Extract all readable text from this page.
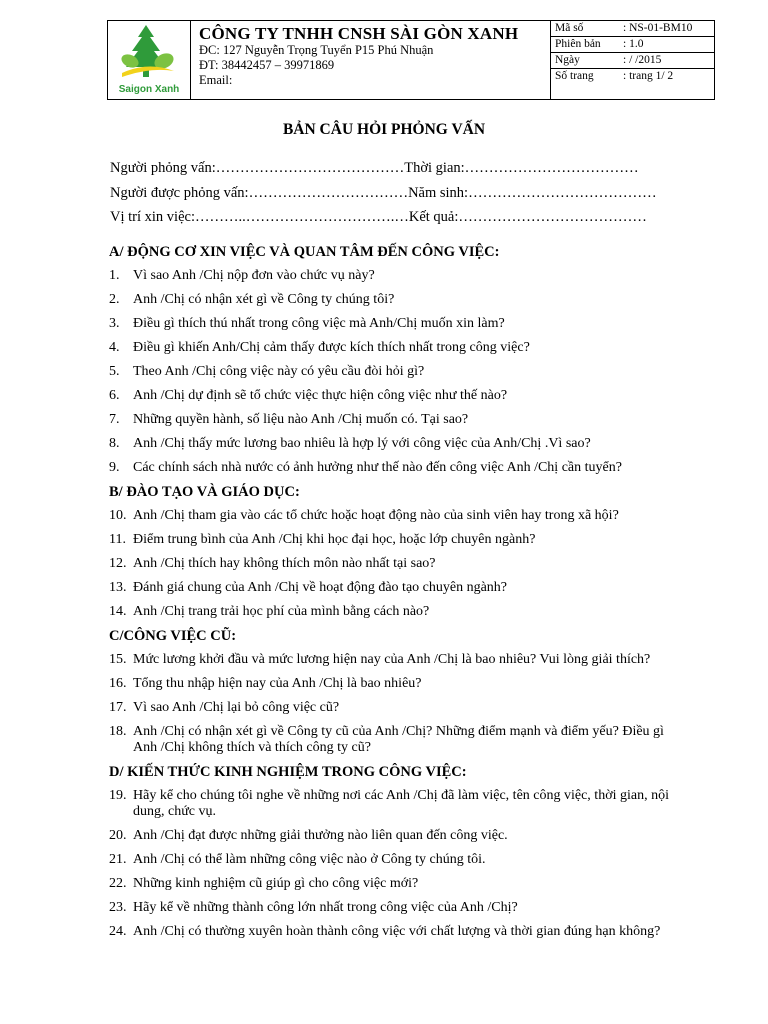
Saigon Xanh
CÔNG TY TNHH CNSH SÀI GÒN XANH
ĐC: 127 Nguyễn Trọng Tuyển P15 Phú Nhuận
ĐT: 38442457 – 39971869
Email:
Mã số	: NS-01-BM10
Phiên bản	: 1.0
Ngày	: / /2015
Số trang	: trang 1/ 2
BẢN CÂU HỎI PHỎNG VẤN
Người phỏng vấn:…………………………………Thời gian:………………………………
Người được phỏng vấn:……………………………Năm sinh:…………………………………
Vị trí xin việc:………..………………………….…Kết quả:…………………………………
A/ ĐỘNG CƠ XIN VIỆC VÀ QUAN TÂM ĐẾN CÔNG VIỆC:
1. Vì sao Anh /Chị nộp đơn vào chức vụ này?
2. Anh /Chị có nhận xét gì về Công ty chúng tôi?
3. Điều gì thích thú nhất trong công việc mà Anh/Chị muốn xin làm?
4. Điều gì khiến Anh/Chị cảm thấy được kích thích nhất trong công việc?
5. Theo Anh /Chị công việc này có yêu cầu đòi hỏi gì?
6. Anh /Chị dự định sẽ tổ chức việc thực hiện công việc như thế nào?
7. Những quyền hành, số liệu nào Anh /Chị muốn có. Tại sao?
8. Anh /Chị thấy mức lương bao nhiêu là hợp lý với công việc của Anh/Chị .Vì sao?
9. Các chính sách nhà nước có ảnh hưởng như thế nào đến công việc Anh /Chị cần tuyển?
B/ ĐÀO TẠO VÀ GIÁO DỤC:
10. Anh /Chị tham gia vào các tổ chức hoặc hoạt động nào của sinh viên hay trong xã hội?
11. Điểm trung bình của Anh /Chị khi học đại học, hoặc lớp chuyên ngành?
12. Anh /Chị thích hay không thích môn nào nhất tại sao?
13. Đánh giá chung của Anh /Chị về hoạt động đào tạo chuyên ngành?
14. Anh /Chị trang trải học phí của mình bằng cách nào?
C/CÔNG VIỆC CŨ:
15. Mức lương khởi đầu và mức lương hiện nay của Anh /Chị là bao nhiêu? Vui lòng giải thích?
16. Tổng thu nhập hiện nay của Anh /Chị là bao nhiêu?
17. Vì sao Anh /Chị lại bỏ công việc cũ?
18. Anh /Chị có nhận xét gì về Công ty cũ của Anh /Chị? Những điểm mạnh và điểm yếu? Điều gì Anh /Chị không thích và thích công ty cũ?
D/ KIẾN THỨC KINH NGHIỆM TRONG CÔNG VIỆC:
19. Hãy kể cho chúng tôi nghe về những nơi các Anh /Chị đã làm việc, tên công việc, thời gian, nội dung, chức vụ.
20. Anh /Chị đạt được những giải thưởng nào liên quan đến công việc.
21. Anh /Chị có thể làm những công việc nào ở Công ty chúng tôi.
22. Những kinh nghiệm cũ giúp gì cho công việc mới?
23. Hãy kể về những thành công lớn nhất trong công việc của Anh /Chị?
24. Anh /Chị có thường xuyên hoàn thành công việc với chất lượng và thời gian đúng hạn không?
